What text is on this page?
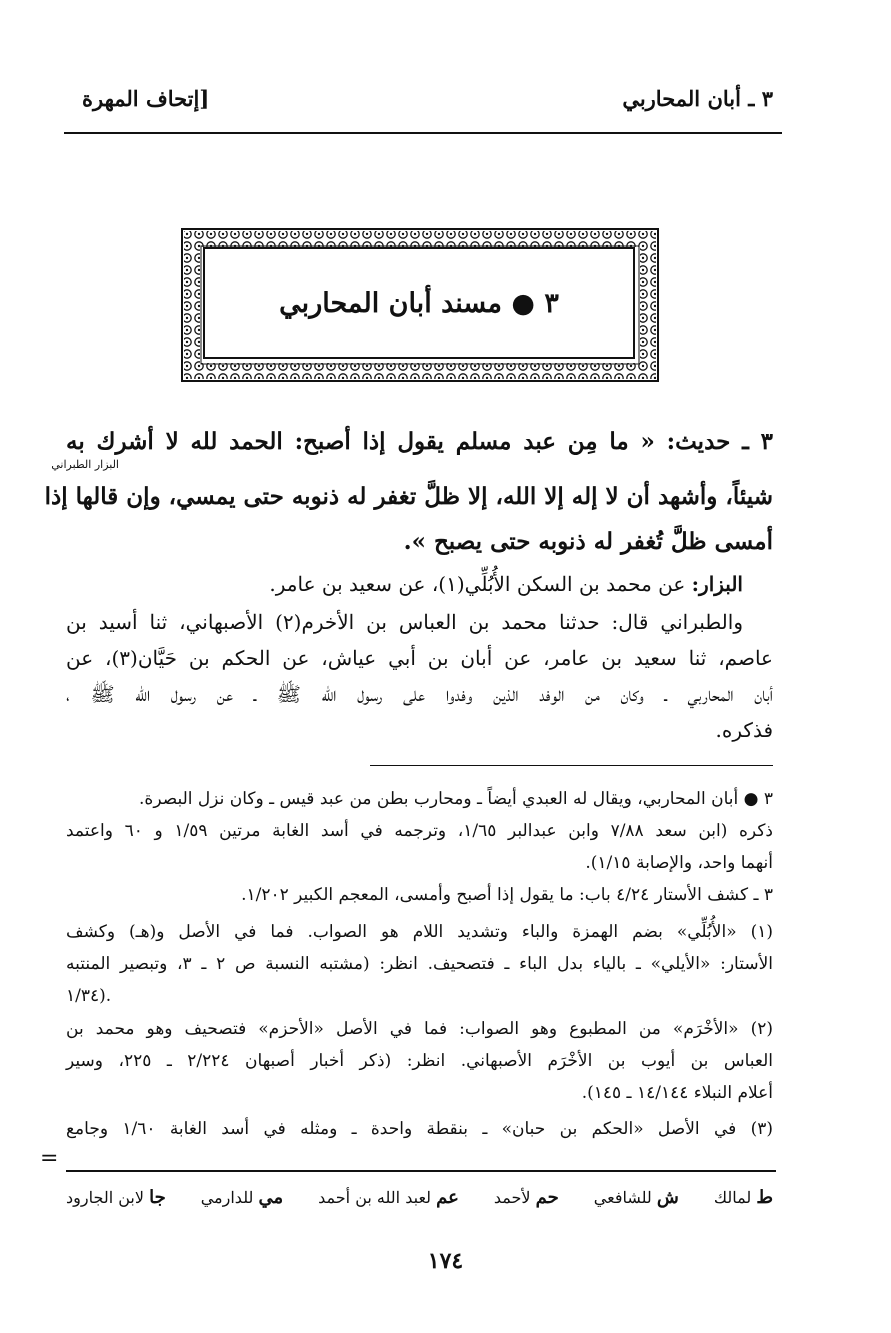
٣ ـ أبان المحاربي
[إتحاف المهرة
٣ ● مسند أبان المحاربي
٣ ـ حديث: « ما مِن عبد مسلم يقول إذا أصبح: الحمد لله لا أشرك به
البزار الطبراني
شيئاً، وأشهد أن لا إله إلا الله، إلا ظلَّ تغفر له ذنوبه حتى يمسي، وإن قالها إذا
أمسى ظلَّ تُغفر له ذنوبه حتى يصبح ».
البزار: عن محمد بن السكن الأُبُلِّي(١)، عن سعيد بن عامر.
والطبراني قال: حدثنا محمد بن العباس بن الأخرم(٢) الأصبهاني، ثنا أسيد بن
عاصم، ثنا سعيد بن عامر، عن أبان بن أبي عياش، عن الحكم بن حَيَّان(٣)، عن
أبان المحاربي ـ وكان من الوفد الذين وفدوا على رسول الله ﷺ ـ عن رسول الله ﷺ ،
فذكره.
٣ ● أبان المحاربي، ويقال له العبدي أيضاً ـ ومحارب بطن من عبد قيس ـ وكان نزل البصرة.
ذكره (ابن سعد ٧/٨٨ وابن عبدالبر ١/٦٥، وترجمه في أسد الغابة مرتين ١/٥٩ و ٦٠ واعتمد
أنهما واحد، والإصابة ١/١٥).
٣ ـ كشف الأستار ٤/٢٤ باب: ما يقول إذا أصبح وأمسى، المعجم الكبير ١/٢٠٢.
(١) «الأُبُلِّي» بضم الهمزة والباء وتشديد اللام هو الصواب. فما في الأصل و(هـ) وكشف
الأستار: «الأيلي» ـ بالياء بدل الباء ـ فتصحيف. انظر: (مشتبه النسبة ص ٢ ـ ٣، وتبصير المنتبه
١/٣٤).
(٢) «الأخْرَم» من المطبوع وهو الصواب: فما في الأصل «الأحزم» فتصحيف وهو محمد بن
العباس بن أيوب بن الأخْرَم الأصبهاني. انظر: (ذكر أخبار أصبهان ٢/٢٢٤ ـ ٢٢٥، وسير
أعلام النبلاء ١٤/١٤٤ ـ ١٤٥).
(٣) في الأصل «الحكم بن حبان» ـ بنقطة واحدة ـ ومثله في أسد الغابة ١/٦٠ وجامع
=
ط لمالك
ش للشافعي
حم لأحمد
عم لعبد الله بن أحمد
مي للدارمي
جا لابن الجارود
١٧٤
